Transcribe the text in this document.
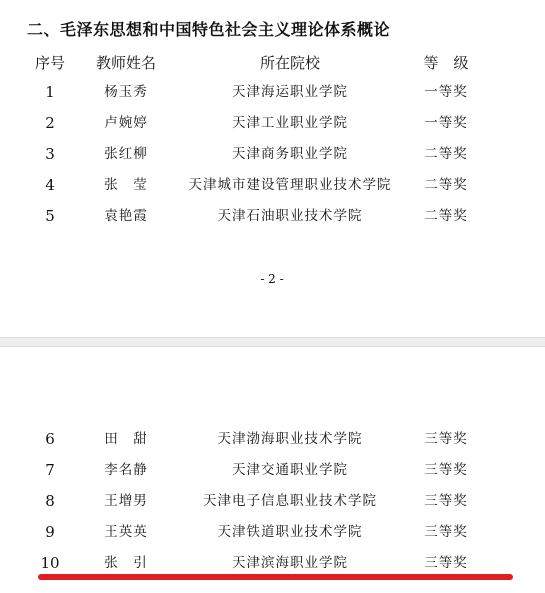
二、毛泽东思想和中国特色社会主义理论体系概论
序号 教师姓名	所在院校	等　级
1	杨玉秀	天津海运职业学院	一等奖
2	卢婉婷	天津工业职业学院	一等奖
3	张红柳	天津商务职业学院	二等奖
4	张　莹	天津城市建设管理职业技术学院 二等奖
5	袁艳霞	天津石油职业技术学院	二等奖
- 2 -
6	田　甜	天津渤海职业技术学院	三等奖
7	李名静	天津交通职业学院	三等奖
8	王增男	天津电子信息职业技术学院	三等奖
9	王英英	天津铁道职业技术学院	三等奖
10	张　引	天津滨海职业学院	三等奖
